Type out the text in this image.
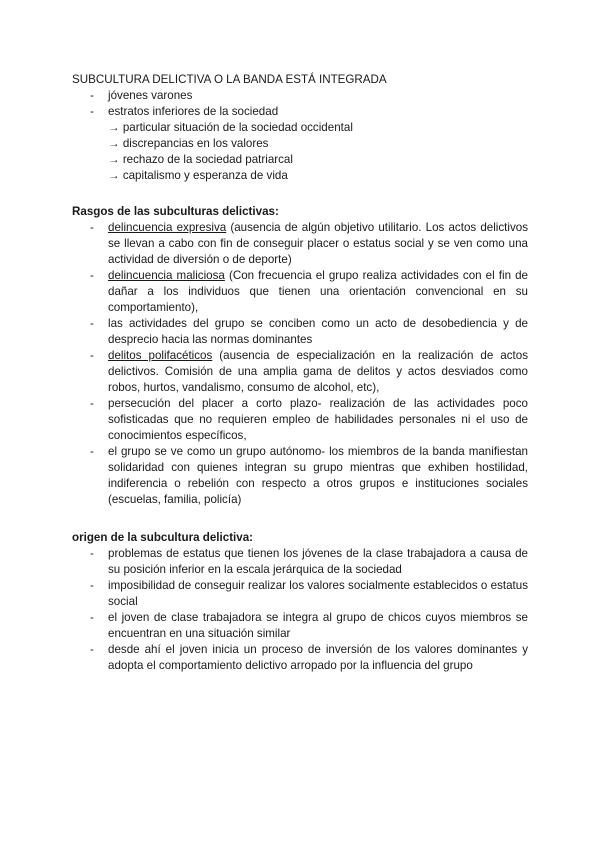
SUBCULTURA DELICTIVA O LA BANDA ESTÁ INTEGRADA

- jóvenes varones
- estratos inferiores de la sociedad
→ particular situación de la sociedad occidental
→ discrepancias en los valores
→ rechazo de la sociedad patriarcal
→ capitalismo y esperanza de vida

Rasgos de las subculturas delictivas:

- delincuencia expresiva (ausencia de algún objetivo utilitario. Los actos delictivos se llevan a cabo con fin de conseguir placer o estatus social y se ven como una actividad de diversión o de deporte)
- delincuencia maliciosa (Con frecuencia el grupo realiza actividades con el fin de dañar a los individuos que tienen una orientación convencional en su comportamiento),
- las actividades del grupo se conciben como un acto de desobediencia y de desprecio hacia las normas dominantes
- delitos polifacéticos (ausencia de especialización en la realización de actos delictivos. Comisión de una amplia gama de delitos y actos desviados como robos, hurtos, vandalismo, consumo de alcohol, etc),
- persecución del placer a corto plazo- realización de las actividades poco sofisticadas que no requieren empleo de habilidades personales ni el uso de conocimientos específicos,
- el grupo se ve como un grupo autónomo- los miembros de la banda manifiestan solidaridad con quienes integran su grupo mientras que exhiben hostilidad, indiferencia o rebelión con respecto a otros grupos e instituciones sociales (escuelas, familia, policía)

origen de la subcultura delictiva:

- problemas de estatus que tienen los jóvenes de la clase trabajadora a causa de su posición inferior en la escala jerárquica de la sociedad
- imposibilidad de conseguir realizar los valores socialmente establecidos o estatus social
- el joven de clase trabajadora se integra al grupo de chicos cuyos miembros se encuentran en una situación similar
- desde ahí el joven inicia un proceso de inversión de los valores dominantes y adopta el comportamiento delictivo arropado por la influencia del grupo
